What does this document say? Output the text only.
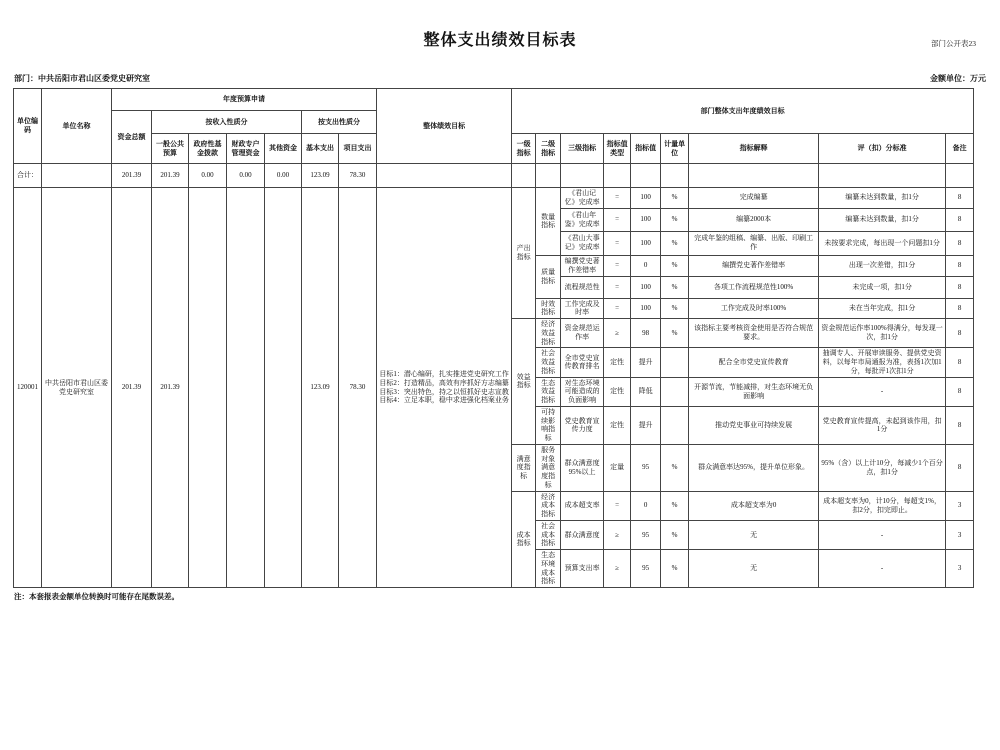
部门公开表23
整体支出绩效目标表
部门：中共岳阳市君山区委党史研究室	金额单位：万元
单位编码	单位名称	年度预算申请							整体绩效目标	部门整体支出年度绩效目标								
		资金总额	按收入性质分				按支出性质分											
			一般公共预算	政府性基金拨款	财政专户管理资金	其他资金	基本支出	项目支出		一级指标	二级指标	三级指标	指标值类型	指标值	计量单位	指标解释	评（扣）分标准	备注
合计：		201.39	201.39	0.00	0.00	0.00	123.09	78.30										
120001	中共岳阳市君山区委党史研究室	201.39	201.39				123.09	78.30	目标1：潜心编研，扎实推进党史研究工作
目标2：打造精品，高效有序抓好方志编纂
目标3：突出特色，持之以恒抓好史志宣教
目标4：立足本职，稳中求进强化档案业务	产出指标	数量指标	《君山记忆》完成率	=	100	%	完成编纂	编纂未达到数量，扣1分	8
												《君山年鉴》完成率	=	100	%	编纂2000本	编纂未达到数量，扣1分	8
												《君山大事记》完成率	=	100	%	完成年鉴的组稿、编纂、出版、印刷工作	未按要求完成，每出现一个问题扣1分	8
											质量指标	编撰党史著作差错率	=	0	%	编撰党史著作差错率	出现一次差错，扣1分	8
												流程规范性	=	100	%	各项工作流程规范性100%	未完成一项，扣1分	8
											时效指标	工作完成及时率	=	100	%	工作完成及时率100%	未在当年完成，扣1分	8
										效益指标	经济效益指标	资金规范运作率	≥	98	%	该指标主要考核资金使用是否符合规范要求。	资金规范运作率100%得满分，每发现一次，扣1分	8
											社会效益指标	全市党史宣传教育排名	定性	提升		配合全市党史宣传教育	抽调专人、开展审读服务、提供党史资料，以每年市局通报为准，表扬1次加1分，每批评1次扣1分	8
											生态效益指标	对生态环境可能造成的负面影响	定性	降低		开源节流，节能减排，对生态环境无负面影响	-	8
											可持续影响指标	党史教育宣传力度	定性	提升		推动党史事业可持续发展	党史教育宣传提高，未起到该作用，扣1分	8
										满意度指标	服务对象满意度指标	群众满意度95%以上	定量	95	%	群众满意率达95%，提升单位形象。	95%（含）以上计10分，每减少1个百分点，扣1分	8
										成本指标	经济成本指标	成本超支率	=	0	%	成本超支率为0	成本超支率为0，计10分，每超支1%，扣2分，扣完即止。	3
											社会成本指标	群众满意度	≥	95	%	无	-	3
											生态环境成本指标	预算支出率	≥	95	%	无	-	3
注：本套报表金额单位转换时可能存在尾数误差。
